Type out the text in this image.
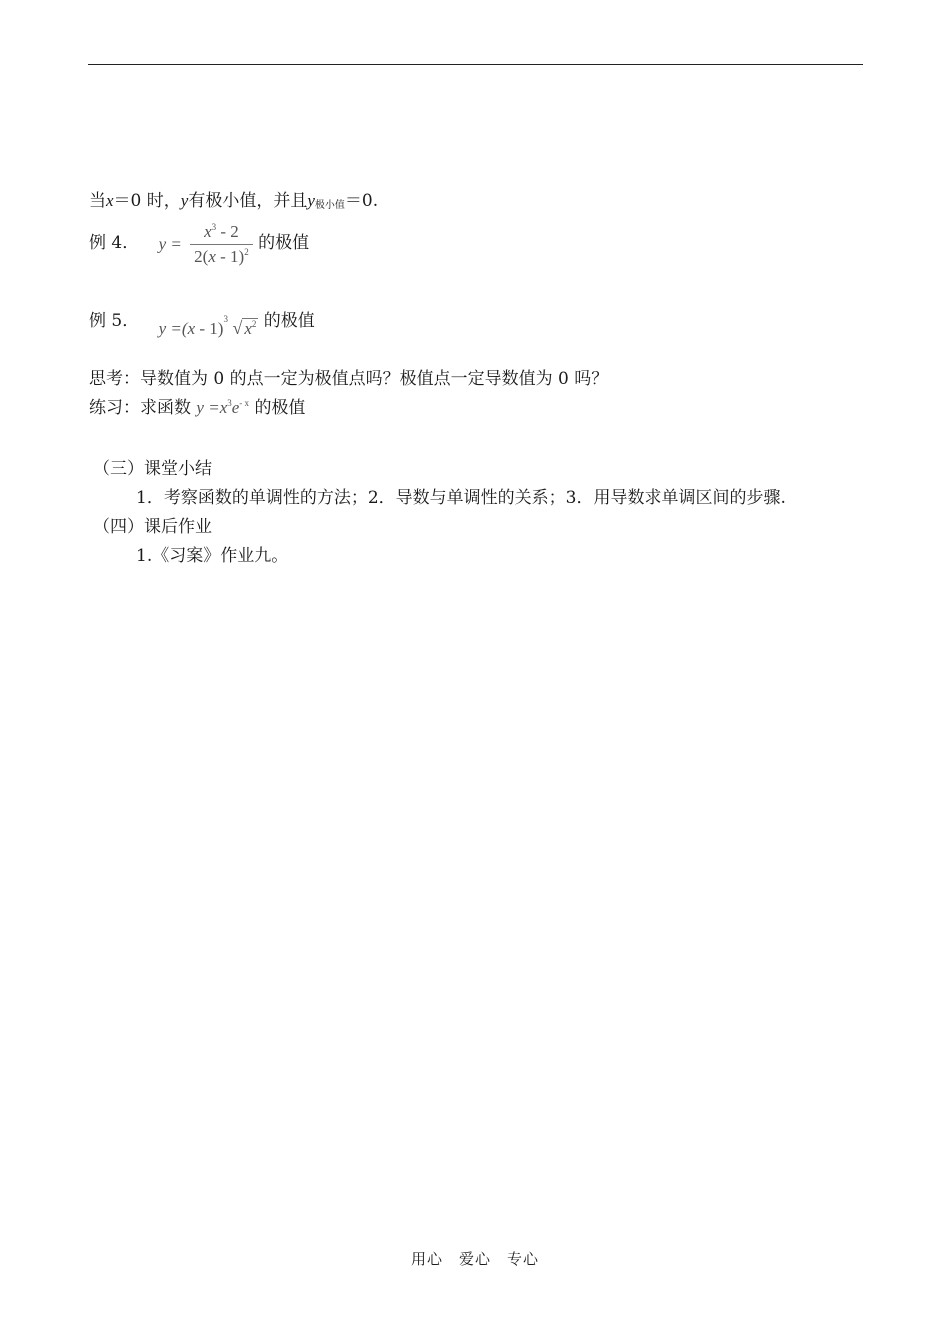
当x＝0 时，y有极小值，并且$y_{极小值}=0$.
例 4． $y = \frac{x^3 - 2}{2(x - 1)^2}$ 的极值
例 5． y =(x - 1) 3 √ $x^2$ 的极值
思考：导数值为 0 的点一定为极值点吗？极值点一定导数值为 0 吗？
练习：求函数 $y =x^3e^{- x}$ 的极值
（三）课堂小结
1．考察函数的单调性的方法；2．导数与单调性的关系；3．用导数求单调区间的步骤.
（四）课后作业
1.《习案》作业九。
用心 爱心 专心
